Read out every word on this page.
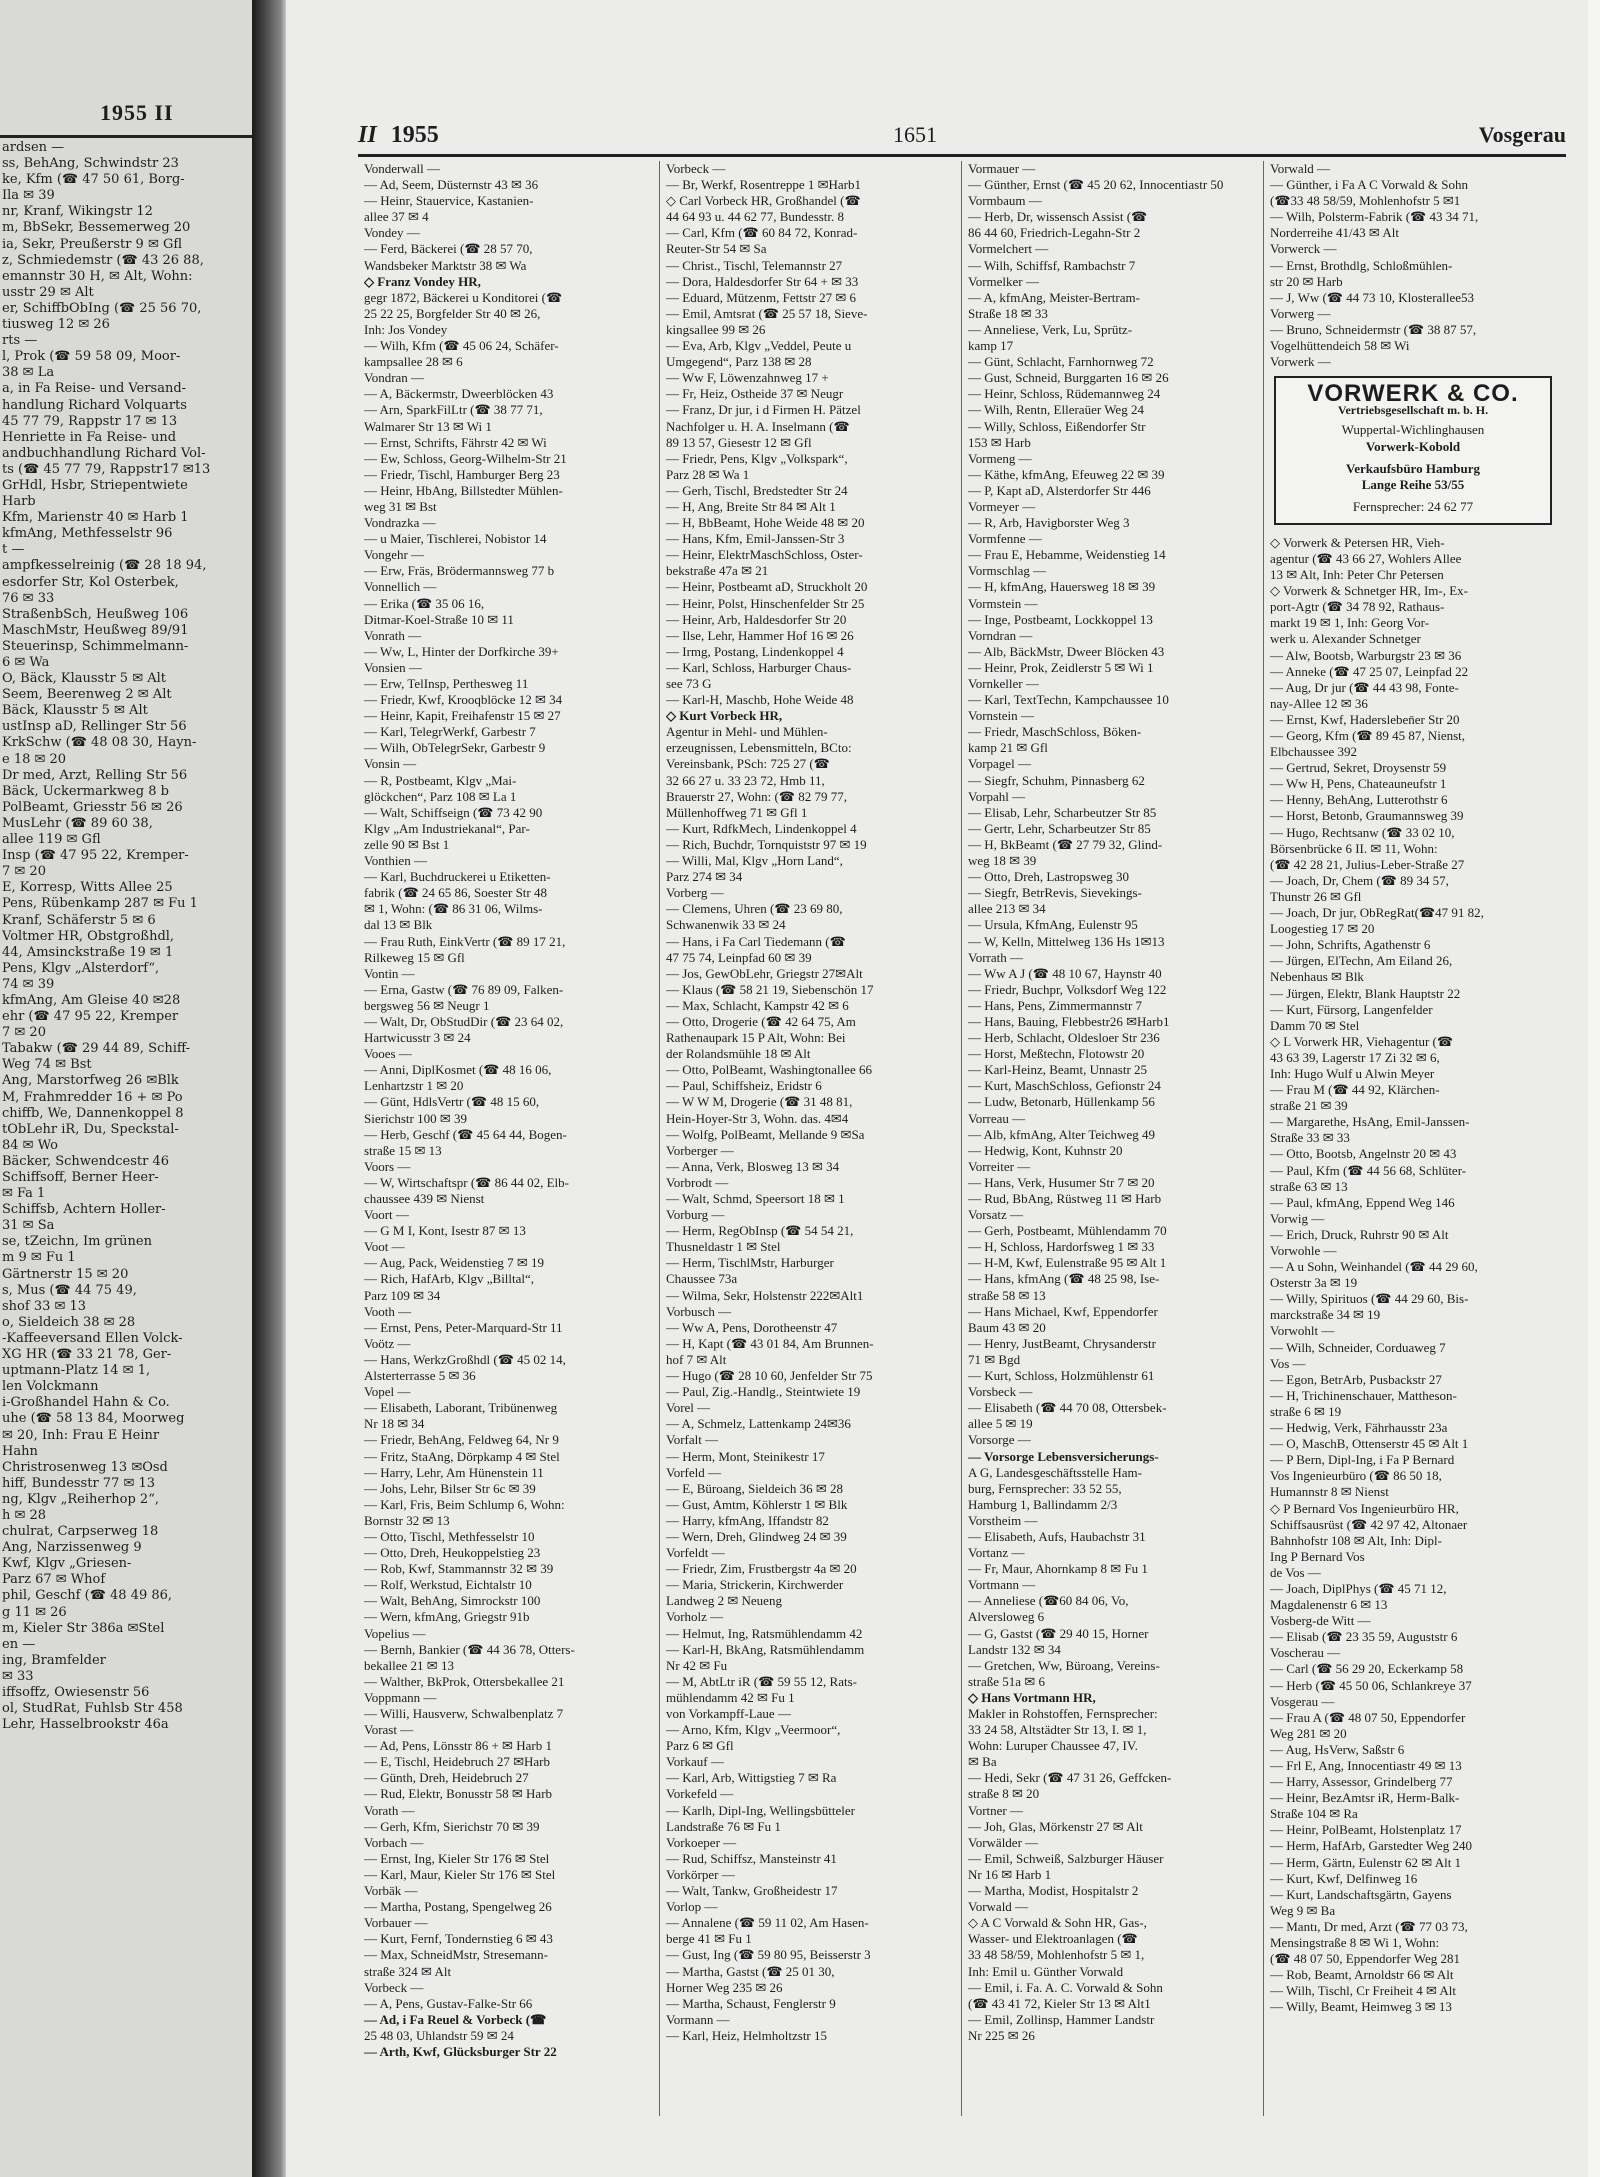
1955 II
ardsen —
ss, BehAng, Schwindstr 23
ke, Kfm (☎ 47 50 61, Borg-
Ila ✉ 39
nr, Kranf, Wikingstr 12
m, BbSekr, Bessemerweg 20
ia, Sekr, Preußerstr 9 ✉ Gfl
z, Schmiedemstr (☎ 43 26 88,
emannstr 30 H, ✉ Alt, Wohn:
usstr 29 ✉ Alt
er, SchiffbObIng (☎ 25 56 70,
tiusweg 12 ✉ 26
rts —
l, Prok (☎ 59 58 09, Moor-
38 ✉ La
a, in Fa Reise- und Versand-
handlung Richard Volquarts
45 77 79, Rappstr 17 ✉ 13
Henriette in Fa Reise- und
andbuchhandlung Richard Vol-
ts (☎ 45 77 79, Rappstr17 ✉13
GrHdl, Hsbr, Striepentwiete
Harb
Kfm, Marienstr 40 ✉ Harb 1
kfmAng, Methfesselstr 96
t —
ampfkesselreinig (☎ 28 18 94,
esdorfer Str, Kol Osterbek,
76 ✉ 33
StraßenbSch, Heußweg 106
MaschMstr, Heußweg 89/91
Steuerinsp, Schimmelmann-
6 ✉ Wa
O, Bäck, Klausstr 5 ✉ Alt
Seem, Beerenweg 2 ✉ Alt
Bäck, Klausstr 5 ✉ Alt
ustInsp aD, Rellinger Str 56
KrkSchw (☎ 48 08 30, Hayn-
e 18 ✉ 20
Dr med, Arzt, Relling Str 56
Bäck, Uckermarkweg 8 b
PolBeamt, Griesstr 56 ✉ 26
MusLehr (☎ 89 60 38,
allee 119 ✉ Gfl
Insp (☎ 47 95 22, Kremper-
7 ✉ 20
E, Korresp, Witts Allee 25
Pens, Rübenkamp 287 ✉ Fu 1
Kranf, Schäferstr 5 ✉ 6
Voltmer HR, Obstgroßhdl,
44, Amsinckstraße 19 ✉ 1
Pens, Klgv „Alsterdorf“,
74 ✉ 39
kfmAng, Am Gleise 40 ✉28
ehr (☎ 47 95 22, Kremper
7 ✉ 20
Tabakw (☎ 29 44 89, Schiff-
Weg 74 ✉ Bst
Ang, Marstorfweg 26 ✉Blk
M, Frahmredder 16 + ✉ Po
chiffb, We, Dannenkoppel 8
tObLehr iR, Du, Speckstal-
84 ✉ Wo
Bäcker, Schwendcestr 46
Schiffsoff, Berner Heer-
✉ Fa 1
Schiffsb, Achtern Holler-
31 ✉ Sa
se, tZeichn, Im grünen
m 9 ✉ Fu 1
Gärtnerstr 15 ✉ 20
s, Mus (☎ 44 75 49,
shof 33 ✉ 13
o, Sieldeich 38 ✉ 28
-Kaffeeversand Ellen Volck-
XG HR (☎ 33 21 78, Ger-
uptmann-Platz 14 ✉ 1,
len Volckmann
i-Großhandel Hahn & Co.
uhe (☎ 58 13 84, Moorweg
✉ 20, Inh: Frau E Heinr
Hahn
Christrosenweg 13 ✉Osd
hiff, Bundesstr 77 ✉ 13
ng, Klgv „Reiherhop 2“,
h ✉ 28
chulrat, Carpserweg 18
Ang, Narzissenweg 9
Kwf, Klgv „Griesen-
Parz 67 ✉ Whof
phil, Geschf (☎ 48 49 86,
g 11 ✉ 26
m, Kieler Str 386a ✉Stel
en —
ing, Bramfelder
✉ 33
iffsoffz, Owiesenstr 56
ol, StudRat, Fuhlsb Str 458
Lehr, Hasselbrookstr 46a
II 1955	1651	Vosgerau
Vonderwall —
— Ad, Seem, Düsternstr 43 ✉ 36
— Heinr, Stauervice, Kastanien-
allee 37 ✉ 4
Vondey —
— Ferd, Bäckerei (☎ 28 57 70,
Wandsbeker Marktstr 38 ✉ Wa
◇ Franz Vondey HR,
gegr 1872, Bäckerei u Konditorei (☎
25 22 25, Borgfelder Str 40 ✉ 26,
Inh: Jos Vondey
— Wilh, Kfm (☎ 45 06 24, Schäfer-
kampsallee 28 ✉ 6
Vondran —
— A, Bäckermstr, Dweerblöcken 43
— Arn, SparkFilLtr (☎ 38 77 71,
Walmarer Str 13 ✉ Wi 1
— Ernst, Schrifts, Fährstr 42 ✉ Wi
— Ew, Schloss, Georg-Wilhelm-Str 21
— Friedr, Tischl, Hamburger Berg 23
— Heinr, HbAng, Billstedter Mühlen-
weg 31 ✉ Bst
Vondrazka —
— u Maier, Tischlerei, Nobistor 14
Vongehr —
— Erw, Fräs, Brödermannsweg 77 b
Vonnellich —
— Erika (☎ 35 06 16,
Ditmar-Koel-Straße 10 ✉ 11
Vonrath —
— Ww, L, Hinter der Dorfkirche 39+
Vonsien —
— Erw, TelInsp, Perthesweg 11
— Friedr, Kwf, Krooqblöcke 12 ✉ 34
— Heinr, Kapit, Freihafenstr 15 ✉ 27
— Karl, TelegrWerkf, Garbestr 7
— Wilh, ObTelegrSekr, Garbestr 9
Vonsin —
— R, Postbeamt, Klgv „Mai-
glöckchen“, Parz 108 ✉ La 1
— Walt, Schiffseign (☎ 73 42 90
Klgv „Am Industriekanal“, Par-
zelle 90 ✉ Bst 1
Vonthien —
— Karl, Buchdruckerei u Etiketten-
fabrik (☎ 24 65 86, Soester Str 48
✉ 1, Wohn: (☎ 86 31 06, Wilms-
dal 13 ✉ Blk
— Frau Ruth, EinkVertr (☎ 89 17 21,
Rilkeweg 15 ✉ Gfl
Vontin —
— Erna, Gastw (☎ 76 89 09, Falken-
bergsweg 56 ✉ Neugr 1
— Walt, Dr, ObStudDir (☎ 23 64 02,
Hartwicusstr 3 ✉ 24
Vooes —
— Anni, DiplKosmet (☎ 48 16 06,
Lenhartzstr 1 ✉ 20
— Günt, HdlsVertr (☎ 48 15 60,
Sierichstr 100 ✉ 39
— Herb, Geschf (☎ 45 64 44, Bogen-
straße 15 ✉ 13
Voors —
— W, Wirtschaftspr (☎ 86 44 02, Elb-
chaussee 439 ✉ Nienst
Voort —
— G M I, Kont, Isestr 87 ✉ 13
Voot —
— Aug, Pack, Weidenstieg 7 ✉ 19
— Rich, HafArb, Klgv „Billtal“,
Parz 109 ✉ 34
Vooth —
— Ernst, Pens, Peter-Marquard-Str 11
Voötz —
— Hans, WerkzGroßhdl (☎ 45 02 14,
Alsterterrasse 5 ✉ 36
Vopel —
— Elisabeth, Laborant, Tribünenweg
Nr 18 ✉ 34
— Friedr, BehAng, Feldweg 64, Nr 9
— Fritz, StaAng, Dörpkamp 4 ✉ Stel
— Harry, Lehr, Am Hünenstein 11
— Johs, Lehr, Bilser Str 6c ✉ 39
— Karl, Fris, Beim Schlump 6, Wohn:
Bornstr 32 ✉ 13
— Otto, Tischl, Methfesselstr 10
— Otto, Dreh, Heukoppelstieg 23
— Rob, Kwf, Stammannstr 32 ✉ 39
— Rolf, Werkstud, Eichtalstr 10
— Walt, BehAng, Simrockstr 100
— Wern, kfmAng, Griegstr 91b
Vopelius —
— Bernh, Bankier (☎ 44 36 78, Otters-
bekallee 21 ✉ 13
— Walther, BkProk, Ottersbekallee 21
Voppmann —
— Willi, Hausverw, Schwalbenplatz 7
Vorast —
— Ad, Pens, Lönsstr 86 + ✉ Harb 1
— E, Tischl, Heidebruch 27 ✉Harb
— Günth, Dreh, Heidebruch 27
— Rud, Elektr, Bonusstr 58 ✉ Harb
Vorath —
— Gerh, Kfm, Sierichstr 70 ✉ 39
Vorbach —
— Ernst, Ing, Kieler Str 176 ✉ Stel
— Karl, Maur, Kieler Str 176 ✉ Stel
Vorbäk —
— Martha, Postang, Spengelweg 26
Vorbauer —
— Kurt, Fernf, Tondernstieg 6 ✉ 43
— Max, SchneidMstr, Stresemann-
straße 324 ✉ Alt
Vorbeck —
— A, Pens, Gustav-Falke-Str 66
— Ad, i Fa Reuel & Vorbeck (☎
25 48 03, Uhlandstr 59 ✉ 24
— Arth, Kwf, Glücksburger Str 22
Vorbeck —
— Br, Werkf, Rosentreppe 1 ✉Harb1
◇ Carl Vorbeck HR, Großhandel (☎
44 64 93 u. 44 62 77, Bundesstr. 8
— Carl, Kfm (☎ 60 84 72, Konrad-
Reuter-Str 54 ✉ Sa
— Christ., Tischl, Telemannstr 27
— Dora, Haldesdorfer Str 64 + ✉ 33
— Eduard, Mützenm, Fettstr 27 ✉ 6
— Emil, Amtsrat (☎ 25 57 18, Sieve-
kingsallee 99 ✉ 26
— Eva, Arb, Klgv „Veddel, Peute u
Umgegend“, Parz 138 ✉ 28
— Ww F, Löwenzahnweg 17 +
— Fr, Heiz, Ostheide 37 ✉ Neugr
— Franz, Dr jur, i d Firmen H. Pätzel
Nachfolger u. H. A. Inselmann (☎
89 13 57, Giesestr 12 ✉ Gfl
— Friedr, Pens, Klgv „Volkspark“,
Parz 28 ✉ Wa 1
— Gerh, Tischl, Bredstedter Str 24
— H, Ang, Breite Str 84 ✉ Alt 1
— H, BbBeamt, Hohe Weide 48 ✉ 20
— Hans, Kfm, Emil-Janssen-Str 3
— Heinr, ElektrMaschSchloss, Oster-
bekstraße 47a ✉ 21
— Heinr, Postbeamt aD, Struckholt 20
— Heinr, Polst, Hinschenfelder Str 25
— Heinr, Arb, Haldesdorfer Str 20
— Ilse, Lehr, Hammer Hof 16 ✉ 26
— Irmg, Postang, Lindenkoppel 4
— Karl, Schloss, Harburger Chaus-
see 73 G
— Karl-H, Maschb, Hohe Weide 48
◇ Kurt Vorbeck HR,
Agentur in Mehl- und Mühlen-
erzeugnissen, Lebensmitteln, BCto:
Vereinsbank, PSch: 725 27 (☎
32 66 27 u. 33 23 72, Hmb 11,
Brauerstr 27, Wohn: (☎ 82 79 77,
Müllenhoffweg 71 ✉ Gfl 1
— Kurt, RdfkMech, Lindenkoppel 4
— Rich, Buchdr, Tornquiststr 97 ✉ 19
— Willi, Mal, Klgv „Horn Land“,
Parz 274 ✉ 34
Vorberg —
— Clemens, Uhren (☎ 23 69 80,
Schwanenwik 33 ✉ 24
— Hans, i Fa Carl Tiedemann (☎
47 75 74, Leinpfad 60 ✉ 39
— Jos, GewObLehr, Griegstr 27✉Alt
— Klaus (☎ 58 21 19, Siebenschön 17
— Max, Schlacht, Kampstr 42 ✉ 6
— Otto, Drogerie (☎ 42 64 75, Am
Rathenaupark 15 P Alt, Wohn: Bei
der Rolandsmühle 18 ✉ Alt
— Otto, PolBeamt, Washingtonallee 66
— Paul, Schiffsheiz, Eridstr 6
— W W M, Drogerie (☎ 31 48 81,
Hein-Hoyer-Str 3, Wohn. das. 4✉4
— Wolfg, PolBeamt, Mellande 9 ✉Sa
Vorberger —
— Anna, Verk, Blosweg 13 ✉ 34
Vorbrodt —
— Walt, Schmd, Speersort 18 ✉ 1
Vorburg —
— Herm, RegObInsp (☎ 54 54 21,
Thusneldastr 1 ✉ Stel
— Herm, TischlMstr, Harburger
Chaussee 73a
— Wilma, Sekr, Holstenstr 222✉Alt1
Vorbusch —
— Ww A, Pens, Dorotheenstr 47
— H, Kapt (☎ 43 01 84, Am Brunnen-
hof 7 ✉ Alt
— Hugo (☎ 28 10 60, Jenfelder Str 75
— Paul, Zig.-Handlg., Steintwiete 19
Vorel —
— A, Schmelz, Lattenkamp 24✉36
Vorfalt —
— Herm, Mont, Steinikestr 17
Vorfeld —
— E, Büroang, Sieldeich 36 ✉ 28
— Gust, Amtm, Köhlerstr 1 ✉ Blk
— Harry, kfmAng, Iffandstr 82
— Wern, Dreh, Glindweg 24 ✉ 39
Vorfeldt —
— Friedr, Zim, Frustbergstr 4a ✉ 20
— Maria, Strickerin, Kirchwerder
Landweg 2 ✉ Neueng
Vorholz —
— Helmut, Ing, Ratsmühlendamm 42
— Karl-H, BkAng, Ratsmühlendamm
Nr 42 ✉ Fu
— M, AbtLtr iR (☎ 59 55 12, Rats-
mühlendamm 42 ✉ Fu 1
von Vorkampff-Laue —
— Arno, Kfm, Klgv „Veermoor“,
Parz 6 ✉ Gfl
Vorkauf —
— Karl, Arb, Wittigstieg 7 ✉ Ra
Vorkefeld —
— Karlh, Dipl-Ing, Wellingsbütteler
Landstraße 76 ✉ Fu 1
Vorkoeper —
— Rud, Schiffsz, Mansteinstr 41
Vorkörper —
— Walt, Tankw, Großheidestr 17
Vorlop —
— Annalene (☎ 59 11 02, Am Hasen-
berge 41 ✉ Fu 1
— Gust, Ing (☎ 59 80 95, Beisserstr 3
— Martha, Gastst (☎ 25 01 30,
Horner Weg 235 ✉ 26
— Martha, Schaust, Fenglerstr 9
Vormann —
— Karl, Heiz, Helmholtzstr 15
Vormauer —
— Günther, Ernst (☎ 45 20 62, Innocentiastr 50
Vormbaum —
— Herb, Dr, wissensch Assist (☎
86 44 60, Friedrich-Legahn-Str 2
Vormelchert —
— Wilh, Schiffsf, Rambachstr 7
Vormelker —
— A, kfmAng, Meister-Bertram-
Straße 18 ✉ 33
— Anneliese, Verk, Lu, Sprütz-
kamp 17
— Günt, Schlacht, Farnhornweg 72
— Gust, Schneid, Burggarten 16 ✉ 26
— Heinr, Schloss, Rüdemannweg 24
— Wilh, Rentn, Elleraüer Weg 24
— Willy, Schloss, Eißendorfer Str
153 ✉ Harb
Vormeng —
— Käthe, kfmAng, Efeuweg 22 ✉ 39
— P, Kapt aD, Alsterdorfer Str 446
Vormeyer —
— R, Arb, Havigborster Weg 3
Vormfenne —
— Frau E, Hebamme, Weidenstieg 14
Vormschlag —
— H, kfmAng, Hauersweg 18 ✉ 39
Vormstein —
— Inge, Postbeamt, Lockkoppel 13
Vorndran —
— Alb, BäckMstr, Dweer Blöcken 43
— Heinr, Prok, Zeidlerstr 5 ✉ Wi 1
Vornkeller —
— Karl, TextTechn, Kampchaussee 10
Vornstein —
— Friedr, MaschSchloss, Böken-
kamp 21 ✉ Gfl
Vorpagel —
— Siegfr, Schuhm, Pinnasberg 62
Vorpahl —
— Elisab, Lehr, Scharbeutzer Str 85
— Gertr, Lehr, Scharbeutzer Str 85
— H, BkBeamt (☎ 27 79 32, Glind-
weg 18 ✉ 39
— Otto, Dreh, Lastropsweg 30
— Siegfr, BetrRevis, Sievekings-
allee 213 ✉ 34
— Ursula, KfmAng, Eulenstr 95
— W, Kelln, Mittelweg 136 Hs 1✉13
Vorrath —
— Ww A J (☎ 48 10 67, Haynstr 40
— Friedr, Buchpr, Volksdorf Weg 122
— Hans, Pens, Zimmermannstr 7
— Hans, Bauing, Flebbestr26 ✉Harb1
— Herb, Schlacht, Oldesloer Str 236
— Horst, Meßtechn, Flotowstr 20
— Karl-Heinz, Beamt, Unnastr 25
— Kurt, MaschSchloss, Gefionstr 24
— Ludw, Betonarb, Hüllenkamp 56
Vorreau —
— Alb, kfmAng, Alter Teichweg 49
— Hedwig, Kont, Kuhnstr 20
Vorreiter —
— Hans, Verk, Husumer Str 7 ✉ 20
— Rud, BbAng, Rüstweg 11 ✉ Harb
Vorsatz —
— Gerh, Postbeamt, Mühlendamm 70
— H, Schloss, Hardorfsweg 1 ✉ 33
— H-M, Kwf, Eulenstraße 95 ✉ Alt 1
— Hans, kfmAng (☎ 48 25 98, Ise-
straße 58 ✉ 13
— Hans Michael, Kwf, Eppendorfer
Baum 43 ✉ 20
— Henry, JustBeamt, Chrysanderstr
71 ✉ Bgd
— Kurt, Schloss, Holzmühlenstr 61
Vorsbeck —
— Elisabeth (☎ 44 70 08, Ottersbek-
allee 5 ✉ 19
Vorsorge —
— Vorsorge Lebensversicherungs-
A G, Landesgeschäftsstelle Ham-
burg, Fernsprecher: 33 52 55,
Hamburg 1, Ballindamm 2/3
Vorstheim —
— Elisabeth, Aufs, Haubachstr 31
Vortanz —
— Fr, Maur, Ahornkamp 8 ✉ Fu 1
Vortmann —
— Anneliese (☎60 84 06, Vo,
Alversloweg 6
— G, Gastst (☎ 29 40 15, Horner
Landstr 132 ✉ 34
— Gretchen, Ww, Büroang, Vereins-
straße 51a ✉ 6
◇ Hans Vortmann HR,
Makler in Rohstoffen, Fernsprecher:
33 24 58, Altstädter Str 13, I. ✉ 1,
Wohn: Luruper Chaussee 47, IV.
✉ Ba
— Hedi, Sekr (☎ 47 31 26, Geffcken-
straße 8 ✉ 20
Vortner —
— Joh, Glas, Mörkenstr 27 ✉ Alt
Vorwälder —
— Emil, Schweiß, Salzburger Häuser
Nr 16 ✉ Harb 1
— Martha, Modist, Hospitalstr 2
Vorwald —
◇ A C Vorwald & Sohn HR, Gas-,
Wasser- und Elektroanlagen (☎
33 48 58/59, Mohlenhofstr 5 ✉ 1,
Inh: Emil u. Günther Vorwald
— Emil, i. Fa. A. C. Vorwald & Sohn
(☎ 43 41 72, Kieler Str 13 ✉ Alt1
— Emil, Zollinsp, Hammer Landstr
Nr 225 ✉ 26
Vorwald —
— Günther, i Fa A C Vorwald & Sohn
(☎33 48 58/59, Mohlenhofstr 5 ✉1
— Wilh, Polsterm-Fabrik (☎ 43 34 71,
Norderreihe 41/43 ✉ Alt
Vorwerck —
— Ernst, Brothdlg, Schloßmühlen-
str 20 ✉ Harb
— J, Ww (☎ 44 73 10, Klosterallee53
Vorwerg —
— Bruno, Schneidermstr (☎ 38 87 57,
Vogelhüttendeich 58 ✉ Wi
Vorwerk —
VORWERK & CO.
Vertriebsgesellschaft m. b. H.
Wuppertal-Wichlinghausen
Vorwerk-Kobold
Verkaufsbüro Hamburg
Lange Reihe 53/55
Fernsprecher: 24 62 77
◇ Vorwerk & Petersen HR, Vieh-
agentur (☎ 43 66 27, Wohlers Allee
13 ✉ Alt, Inh: Peter Chr Petersen
◇ Vorwerk & Schnetger HR, Im-, Ex-
port-Agtr (☎ 34 78 92, Rathaus-
markt 19 ✉ 1, Inh: Georg Vor-
werk u. Alexander Schnetger
— Alw, Bootsb, Warburgstr 23 ✉ 36
— Anneke (☎ 47 25 07, Leinpfad 22
— Aug, Dr jur (☎ 44 43 98, Fonte-
nay-Allee 12 ✉ 36
— Ernst, Kwf, Hadersleben̄er Str 20
— Georg, Kfm (☎ 89 45 87, Nienst,
Elbchaussee 392
— Gertrud, Sekret, Droysenstr 59
— Ww H, Pens, Chateauneufstr 1
— Henny, BehAng, Lutterothstr 6
— Horst, Betonb, Graumannsweg 39
— Hugo, Rechtsanw (☎ 33 02 10,
Börsenbrücke 6 II. ✉ 11, Wohn:
(☎ 42 28 21, Julius-Leber-Straße 27
— Joach, Dr, Chem (☎ 89 34 57,
Thunstr 26 ✉ Gfl
— Joach, Dr jur, ObRegRat(☎47 91 82,
Loogestieg 17 ✉ 20
— John, Schrifts, Agathenstr 6
— Jürgen, ElTechn, Am Eiland 26,
Nebenhaus ✉ Blk
— Jürgen, Elektr, Blank Hauptstr 22
— Kurt, Fürsorg, Langenfelder
Damm 70 ✉ Stel
◇ L Vorwerk HR, Viehagentur (☎
43 63 39, Lagerstr 17 Zi 32 ✉ 6,
Inh: Hugo Wulf u Alwin Meyer
— Frau M (☎ 44 92, Klärchen-
straße 21 ✉ 39
— Margarethe, HsAng, Emil-Janssen-
Straße 33 ✉ 33
— Otto, Bootsb, Angelnstr 20 ✉ 43
— Paul, Kfm (☎ 44 56 68, Schlüter-
straße 63 ✉ 13
— Paul, kfmAng, Eppend Weg 146
Vorwig —
— Erich, Druck, Ruhrstr 90 ✉ Alt
Vorwohle —
— A u Sohn, Weinhandel (☎ 44 29 60,
Osterstr 3a ✉ 19
— Willy, Spirituos (☎ 44 29 60, Bis-
marckstraße 34 ✉ 19
Vorwohlt —
— Wilh, Schneider, Corduaweg 7
Vos —
— Egon, BetrArb, Pusbackstr 27
— H, Trichinenschauer, Mattheson-
straße 6 ✉ 19
— Hedwig, Verk, Fährhausstr 23a
— O, MaschB, Ottenserstr 45 ✉ Alt 1
— P Bern, Dipl-Ing, i Fa P Bernard
Vos Ingenieurbüro (☎ 86 50 18,
Humannstr 8 ✉ Nienst
◇ P Bernard Vos Ingenieurbüro HR,
Schiffsausrüst (☎ 42 97 42, Altonaer
Bahnhofstr 108 ✉ Alt, Inh: Dipl-
Ing P Bernard Vos
de Vos —
— Joach, DiplPhys (☎ 45 71 12,
Magdalenenstr 6 ✉ 13
Vosberg-de Witt —
— Elisab (☎ 23 35 59, Auguststr 6
Voscherau —
— Carl (☎ 56 29 20, Eckerkamp 58
— Herb (☎ 45 50 06, Schlankreye 37
Vosgerau —
— Frau A (☎ 48 07 50, Eppendorfer
Weg 281 ✉ 20
— Aug, HsVerw, Saßstr 6
— Frl E, Ang, Innocentiastr 49 ✉ 13
— Harry, Assessor, Grindelberg 77
— Heinr, BezAmtsr iR, Herm-Balk-
Straße 104 ✉ Ra
— Heinr, PolBeamt, Holstenplatz 17
— Herm, HafArb, Garstedter Weg 240
— Herm, Gärtn, Eulenstr 62 ✉ Alt 1
— Kurt, Kwf, Delfinweg 16
— Kurt, Landschaftsgärtn, Gayens
Weg 9 ✉ Ba
— Mantı, Dr med, Arzt (☎ 77 03 73,
Mensingstraße 8 ✉ Wi 1, Wohn:
(☎ 48 07 50, Eppendorfer Weg 281
— Rob, Beamt, Arnoldstr 66 ✉ Alt
— Wilh, Tischl, Cr Freiheit 4 ✉ Alt
— Willy, Beamt, Heimweg 3 ✉ 13
